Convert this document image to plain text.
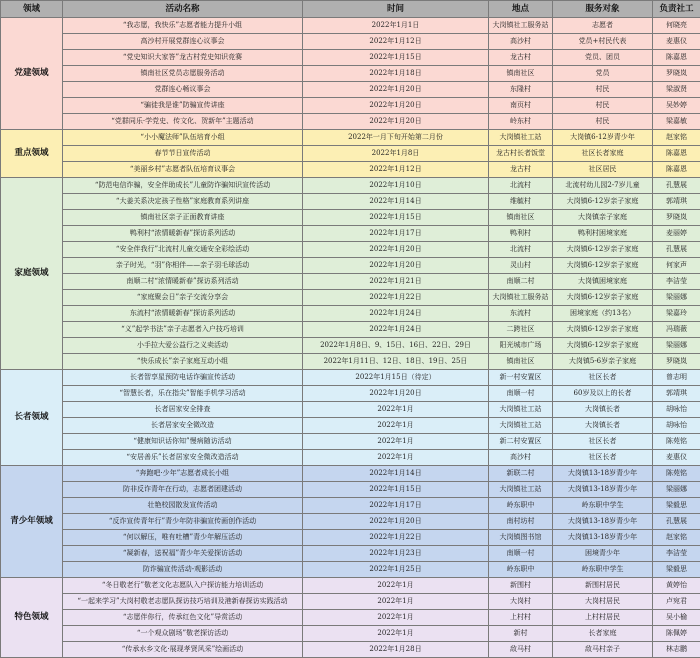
领域	活动名称	时间	地点	服务对象	负责社工
党建领域	“我志愿，我快乐”志愿者能力提升小组	2022年1月1日	大岗镇社工服务站	志愿者	何晓亮
	高沙村开展党群连心议事会	2022年1月12日	高沙村	党员+村民代表	麦惠仪
	“党史知识大家答”龙古村党史知识竞赛	2022年1月15日	龙古村	党员、团员	陈嘉恩
	镇南社区党员志愿服务活动	2022年1月18日	镇南社区	党员	罗晓岚
	党群连心畅议事会	2022年1月20日	东隆村	村民	梁淑贤
	“骗徒我是谁”防骗宣传讲座	2022年1月20日	南页村	村民	吴妙婷
	“党群同乐·学党史、传文化、贺新年”主题活动	2022年1月20日	岭东村	村民	梁嘉敏
重点领域	“小小魔法师”队伍培育小组	2022年一月下旬开始第二月份	大岗镇社工站	大岗镇6-12岁青少年	赵家铭
	春节节日宣传活动	2022年1月8日	龙古村长者饭堂	社区长者家庭	陈嘉恩
	“美丽乡村”志愿者队伍培育议事会	2022年1月12日	龙古村	社区居民	陈嘉恩
家庭领域	“防范电信诈骗，安全伴助成长”儿童防诈骗知识宣传活动	2022年1月10日	北流村	北流村幼儿园2-7岁儿童	孔慧展
	“大姜关系决定孩子性格”家庭教育系列讲座	2022年1月14日	维毓村	大岗镇6-12岁亲子家庭	郭靖琪
	镇南社区亲子正面教育讲座	2022年1月15日	镇南社区	大岗镇亲子家庭	罗晓岚
	鸭利村“浓情暖新春”探访系列活动	2022年1月17日	鸭利村	鸭利村困境家庭	麦丽婷
	“安全伴我行”北流村儿童交通安全彩绘活动	2022年1月20日	北流村	大岗镇6-12岁亲子家庭	孔慧展
	亲子时光，“羽”你相伴——亲子羽毛球活动	2022年1月20日	灵山村	大岗镇6-12岁亲子家庭	何家声
	南顺二村“浓情暖新春”探访系列活动	2022年1月21日	南顺二村	大岗镇困境家庭	李洁莹
	“家庭聚会日”亲子交流分享会	2022年1月22日	大岗镇社工服务站	大岗镇6-12岁亲子家庭	梁丽娜
	东流村“浓情暖新春”探访系列活动	2022年1月24日	东流村	困境家庭（约13名）	梁嘉玲
	“义”起学书法”亲子志愿者入户技巧培训	2022年1月24日	二跨社区	大岗镇6-12岁亲子家庭	冯瑞薇
	小手拉大爱公益行之义卖活动	2022年1月8日、9、15日、16日、22日、29日	阳光城市广场	大岗镇6-12岁亲子家庭	梁丽娜
	“快乐成长”亲子家庭互动小组	2022年1月11日、12日、18日、19日、25日	镇南社区	大岗镇5-6岁亲子家庭	罗晓岚
长者领域	长者智享星预防电话诈骗宣传活动	2022年1月15日（待定）	新一村安置区	社区长者	曾志明
	“智慧长者，乐在指尖”智能手机学习活动	2022年1月20日	南顺一村	60岁及以上的长者	郭靖琪
	长者居家安全排查	2022年1月	大岗镇社工站	大岗镇长者	胡咏怡
	长者居家安全微改造	2022年1月	大岗镇社工站	大岗镇长者	胡咏怡
	“健康知识话你知”慢病随访活动	2022年1月	新二村安置区	社区长者	陈苑铭
	“安居善乐”长者居家安全微改造活动	2022年1月	高沙村	社区长者	麦惠仪
青少年领域	“奔跑吧·少年”志愿者成长小组	2022年1月14日	新联二村	大岗镇13-18岁青少年	陈苑铭
	防非反诈青年在行动，志愿者团建活动	2022年1月15日	大岗镇社工站	大岗镇13-18岁青少年	梁丽娜
	壮艳校园散发宣传活动	2022年1月17日	岭东职中	岭东职中学生	梁毅思
	“反诈宣传青年行”青少年防非骗宣传画创作活动	2022年1月20日	南村坊村	大岗镇13-18岁青少年	孔慧展
	“何以解压，唯有吐槽”青少年解压活动	2022年1月22日	大岗镇图书馆	大岗镇13-18岁青少年	赵家铭
	“凝新春，送祝福”青少年关爱探访活动	2022年1月23日	南顺一村	困境青少年	李洁莹
	防诈骗宣传活动-观影活动	2022年1月25日	岭东职中	岭东职中学生	梁毅思
特色领域	“冬日敬老行”敬老文化志愿队入户探访能力培训活动	2022年1月	新围村	新围村居民	黄婷怡
	“一起来学习”大岗村敬老志愿队探访技巧培训及港新春探访实践活动	2022年1月	大岗村	大岗村居民	卢宛君
	“志愿伴你行，传承红色文化”导赏活动	2022年1月	上村村	上村村居民	吴小榆
	“一个观众剧场”敬老探访活动	2022年1月	新村	长者家庭	陈佩婷
	“传承水乡文化·展现孝贤风采”绘画活动	2022年1月28日	敌马村	敌马村亲子	林志鹏
